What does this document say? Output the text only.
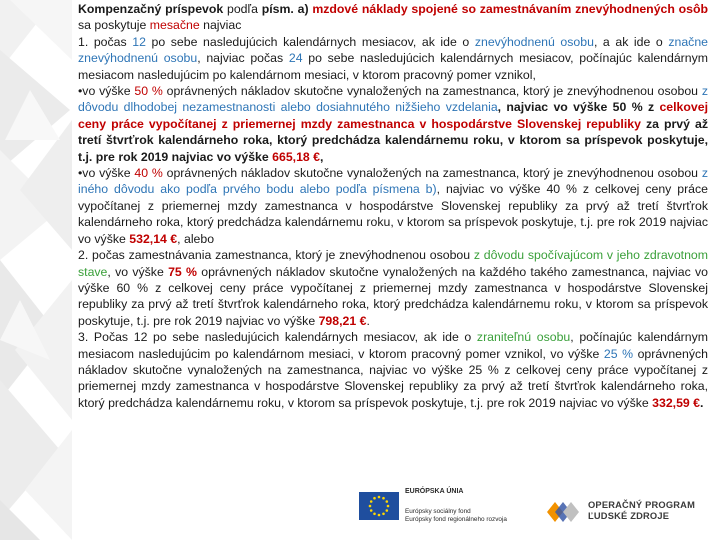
Kompenzačný príspevok podľa písm. a) mzdové náklady spojené so zamestnávaním znevýhodnených osôb sa poskytuje mesačne najviac

1. počas 12 po sebe nasledujúcich kalendárnych mesiacov, ak ide o znevýhodnenú osobu, a ak ide o značne znevýhodnenú osobu, najviac počas 24 po sebe nasledujúcich kalendárnych mesiacov, počínajúc kalendárnym mesiacom nasledujúcim po kalendárnom mesiaci, v ktorom pracovný pomer vznikol,

•vo výške 50 % oprávnených nákladov skutočne vynaložených na zamestnanca, ktorý je znevýhodnenou osobou z dôvodu dlhodobej nezamestnanosti alebo dosiahnutého nižšieho vzdelania, najviac vo výške 50 % z celkovej ceny práce vypočítanej z priemernej mzdy zamestnanca v hospodárstve Slovenskej republiky za prvý až tretí štvrťrok kalendárneho roka, ktorý predchádza kalendárnemu roku, v ktorom sa príspevok poskytuje, t.j. pre rok 2019 najviac vo výške 665,18 €,

•vo výške 40 % oprávnených nákladov skutočne vynaložených na zamestnanca, ktorý je znevýhodnenou osobou z iného dôvodu ako podľa prvého bodu alebo podľa písmena b), najviac vo výške 40 % z celkovej ceny práce vypočítanej z priemernej mzdy zamestnanca v hospodárstve Slovenskej republiky za prvý až tretí štvrťrok kalendárneho roka, ktorý predchádza kalendárnemu roku, v ktorom sa príspevok poskytuje, t.j. pre rok 2019 najviac vo výške 532,14 €, alebo

2. počas zamestnávania zamestnanca, ktorý je znevýhodnenou osobou z dôvodu spočívajúcom v jeho zdravotnom stave, vo výške 75 % oprávnených nákladov skutočne vynaložených na každého takého zamestnanca, najviac vo výške 60 % z celkovej ceny práce vypočítanej z priemernej mzdy zamestnanca v hospodárstve Slovenskej republiky za prvý až tretí štvrťrok kalendárneho roka, ktorý predchádza kalendárnemu roku, v ktorom sa príspevok poskytuje, t.j. pre rok 2019 najviac vo výške 798,21 €.

3. Počas 12 po sebe nasledujúcich kalendárnych mesiacov, ak ide o zraniteľnú osobu, počínajúc kalendárnym mesiacom nasledujúcim po kalendárnom mesiaci, v ktorom pracovný pomer vznikol, vo výške 25 % oprávnených nákladov skutočne vynaložených na zamestnanca, najviac vo výške 25 % z celkovej ceny práce vypočítanej z priemernej mzdy zamestnanca v hospodárstve Slovenskej republiky za prvý až tretí štvrťrok kalendárneho roka, ktorý predchádza kalendárnemu roku, v ktorom sa príspevok poskytuje, t.j. pre rok 2019 najviac vo výške 332,59 €.

EURÓPSKA ÚNIA
Európsky sociálny fond
Európsky fond regionálneho rozvoja
OPERAČNÝ PROGRAM
ĽUDSKÉ ZDROJE
